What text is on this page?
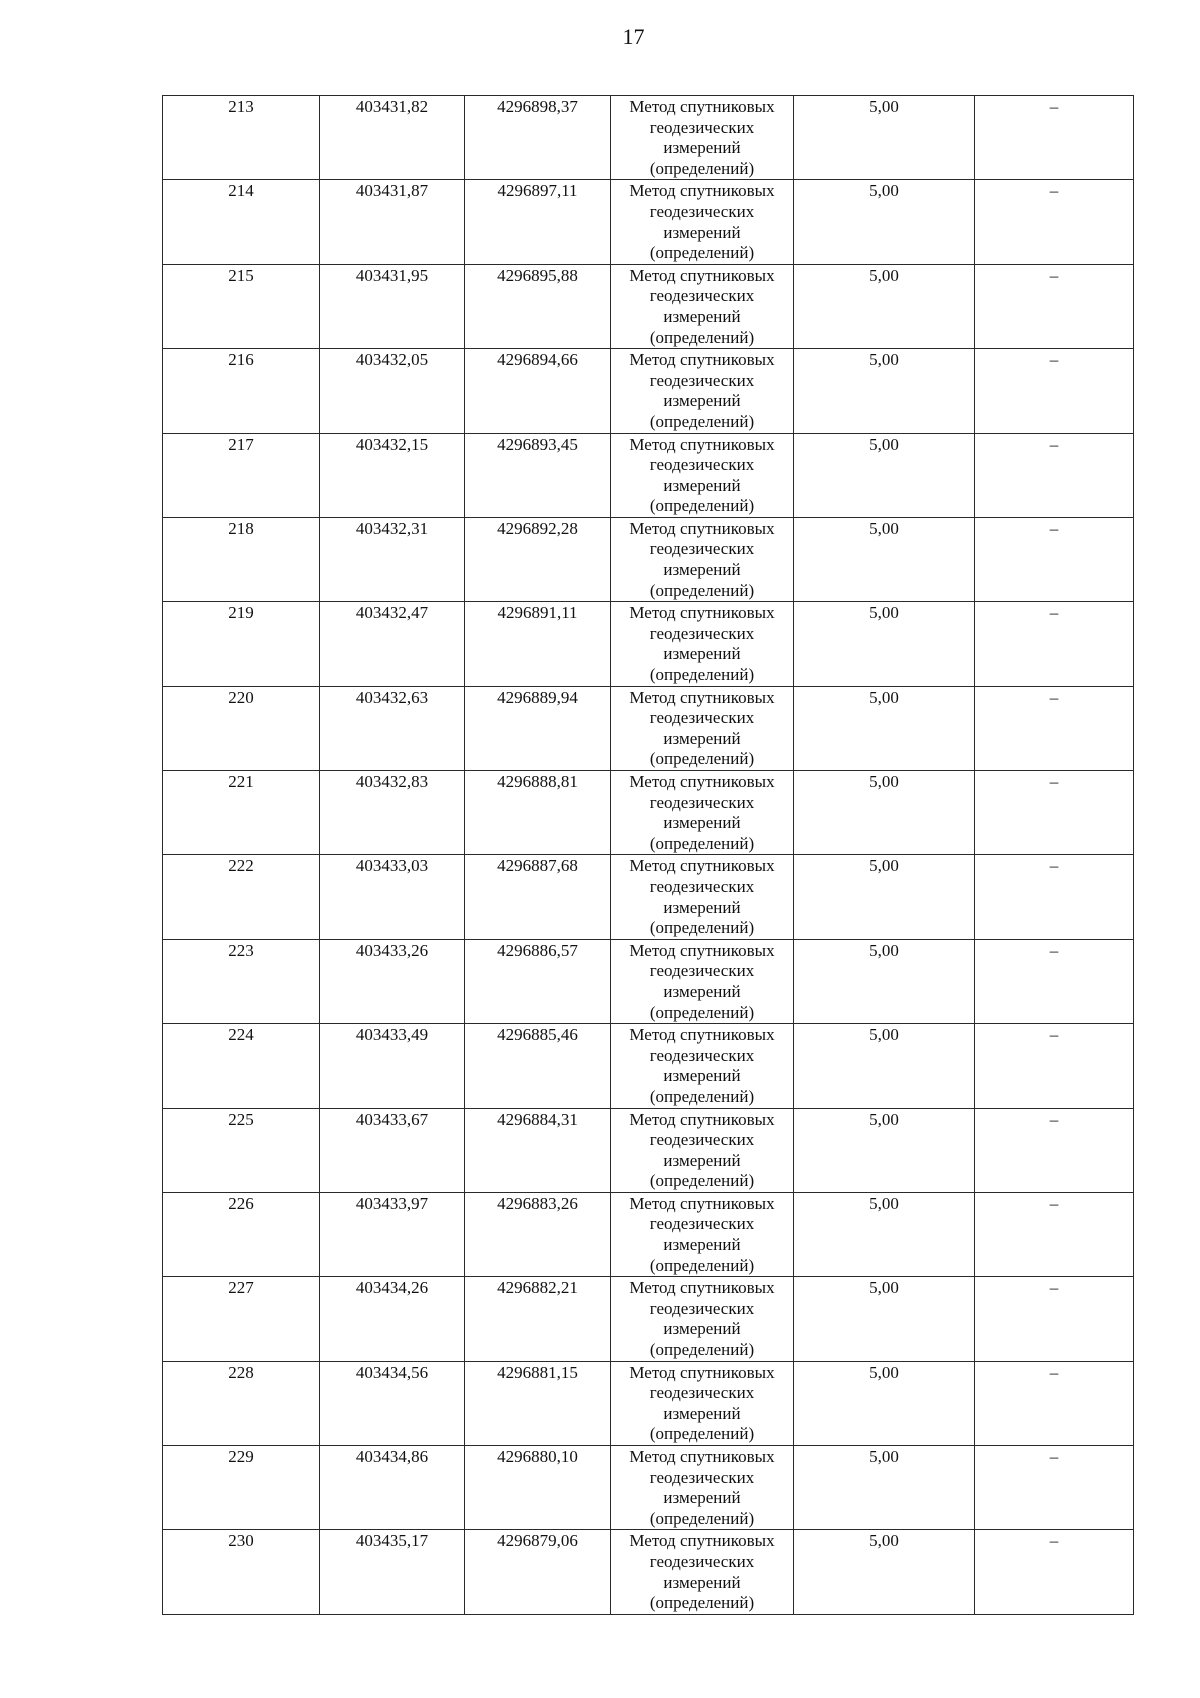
17
213	403431,82	4296898,37	Метод спутниковых
геодезических
измерений
(определений)	5,00	–
214	403431,87	4296897,11	Метод спутниковых
геодезических
измерений
(определений)	5,00	–
215	403431,95	4296895,88	Метод спутниковых
геодезических
измерений
(определений)	5,00	–
216	403432,05	4296894,66	Метод спутниковых
геодезических
измерений
(определений)	5,00	–
217	403432,15	4296893,45	Метод спутниковых
геодезических
измерений
(определений)	5,00	–
218	403432,31	4296892,28	Метод спутниковых
геодезических
измерений
(определений)	5,00	–
219	403432,47	4296891,11	Метод спутниковых
геодезических
измерений
(определений)	5,00	–
220	403432,63	4296889,94	Метод спутниковых
геодезических
измерений
(определений)	5,00	–
221	403432,83	4296888,81	Метод спутниковых
геодезических
измерений
(определений)	5,00	–
222	403433,03	4296887,68	Метод спутниковых
геодезических
измерений
(определений)	5,00	–
223	403433,26	4296886,57	Метод спутниковых
геодезических
измерений
(определений)	5,00	–
224	403433,49	4296885,46	Метод спутниковых
геодезических
измерений
(определений)	5,00	–
225	403433,67	4296884,31	Метод спутниковых
геодезических
измерений
(определений)	5,00	–
226	403433,97	4296883,26	Метод спутниковых
геодезических
измерений
(определений)	5,00	–
227	403434,26	4296882,21	Метод спутниковых
геодезических
измерений
(определений)	5,00	–
228	403434,56	4296881,15	Метод спутниковых
геодезических
измерений
(определений)	5,00	–
229	403434,86	4296880,10	Метод спутниковых
геодезических
измерений
(определений)	5,00	–
230	403435,17	4296879,06	Метод спутниковых
геодезических
измерений
(определений)	5,00	–
